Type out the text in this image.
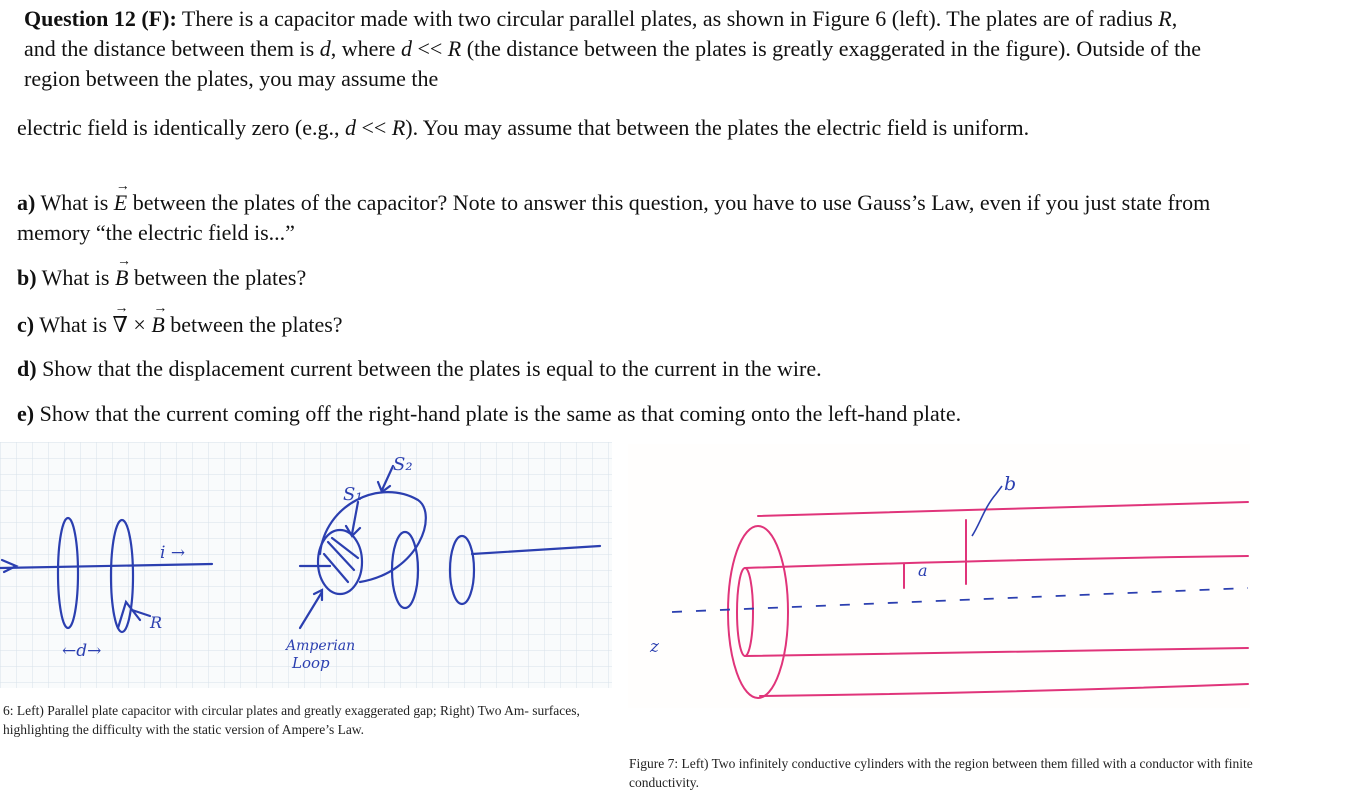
Question 12 (F): There is a capacitor made with two circular parallel plates, as shown in Figure 6 (left). The plates are of radius R, and the distance between them is d, where d << R (the distance between the plates is greatly exaggerated in the figure). Outside of the region between the plates, you may assume the

electric field is identically zero (e.g., d << R). You may assume that between the plates the electric field is uniform.

a) What is → E between the plates of the capacitor? Note to answer this question, you have to use Gauss’s Law, even if you just state from memory “the electric field is...”

b) What is → B between the plates?

c) What is → ∇ × → B between the plates?

d) Show that the displacement current between the plates is equal to the current in the wire.

e) Show that the current coming off the right-hand plate is the same as that coming onto the left-hand plate.

S₂
S₁
i →
R
←d→	Amperian
Loop

6: Left) Parallel plate capacitor with circular plates and greatly exaggerated gap; Right) Two Am- surfaces, highlighting the difficulty with the static version of Ampere’s Law.

b
a
z

Figure 7: Left) Two infinitely conductive cylinders with the region between them filled with a conductor with finite conductivity.
